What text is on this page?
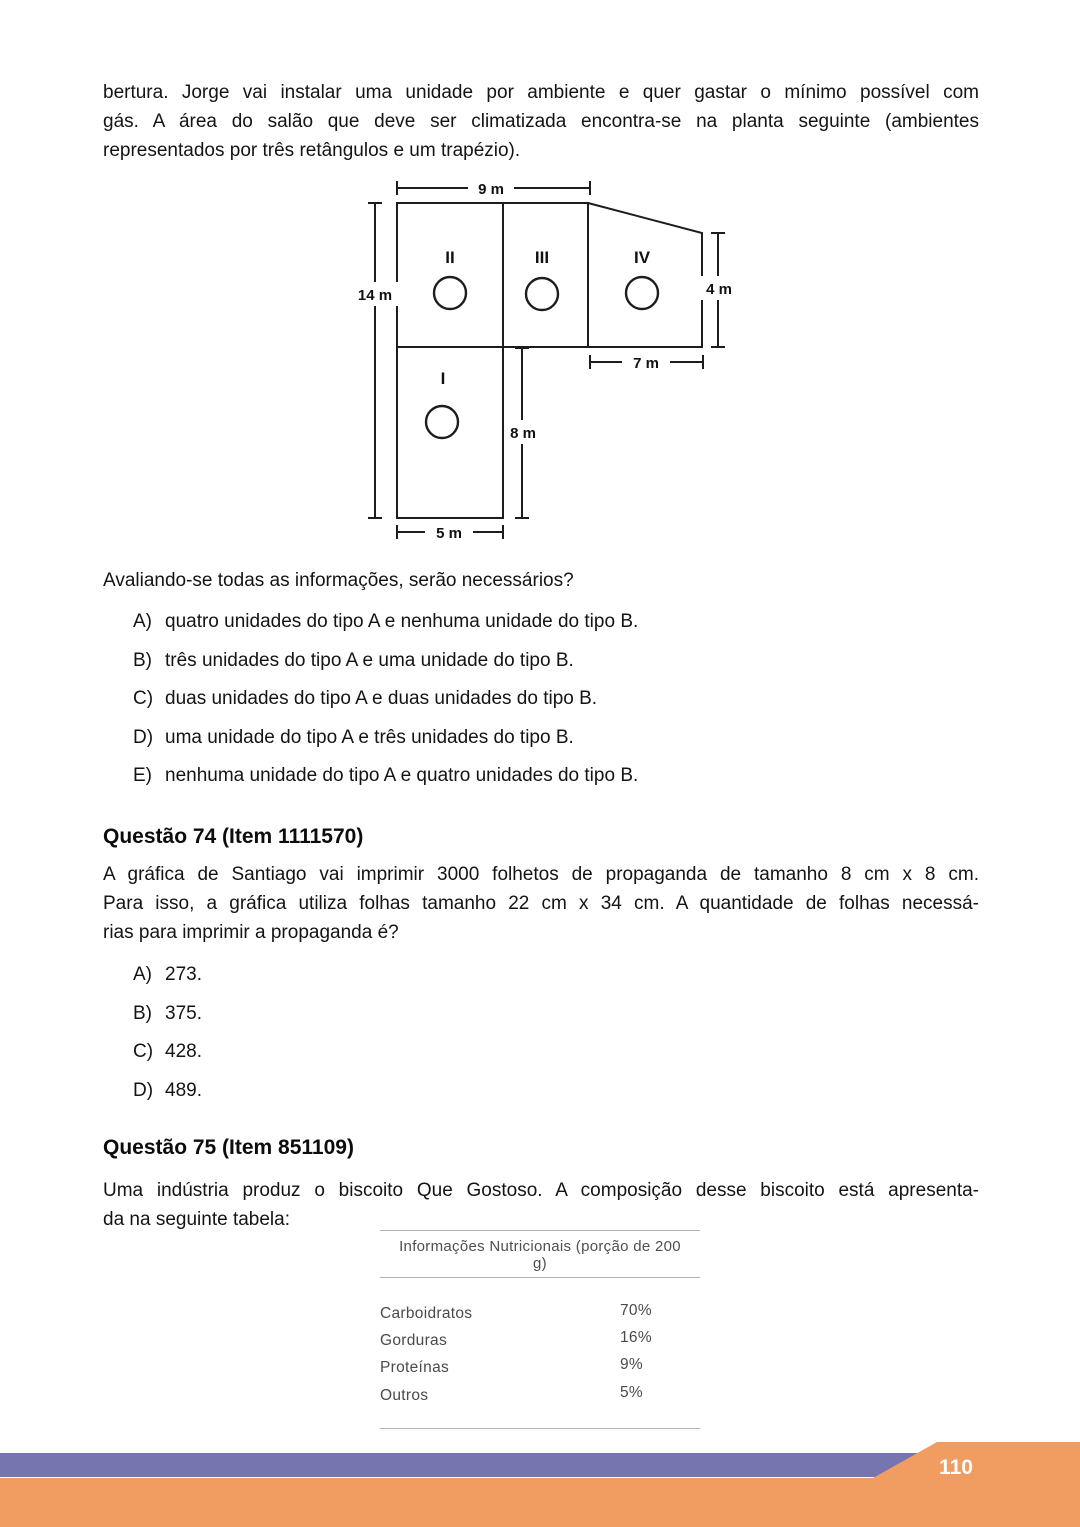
bertura. Jorge vai instalar uma unidade por ambiente e quer gastar o mínimo possível com
gás. A área do salão que deve ser climatizada encontra-se na planta seguinte (ambientes
representados por três retângulos e um trapézio).
9 m
14 m	4 m
7 m
8 m
5 m
II	III	IV
I
Avaliando-se todas as informações, serão necessários?
A) quatro unidades do tipo A e nenhuma unidade do tipo B.
B) três unidades do tipo A e uma unidade do tipo B.
C) duas unidades do tipo A e duas unidades do tipo B.
D) uma unidade do tipo A e três unidades do tipo B.
E) nenhuma unidade do tipo A e quatro unidades do tipo B.
Questão 74 (Item 1111570)
A gráfica de Santiago vai imprimir 3000 folhetos de propaganda de tamanho 8 cm x 8 cm.
Para isso, a gráfica utiliza folhas tamanho 22 cm x 34 cm. A quantidade de folhas necessá-
rias para imprimir a propaganda é?
A) 273.
B) 375.
C) 428.
D) 489.
Questão 75 (Item 851109)
Uma indústria produz o biscoito Que Gostoso. A composição desse biscoito está apresenta-
da na seguinte tabela:
Informações Nutricionais (porção de 200
g)
Carboidratos	70%
Gorduras	16%
Proteínas	9%
Outros	5%
110
